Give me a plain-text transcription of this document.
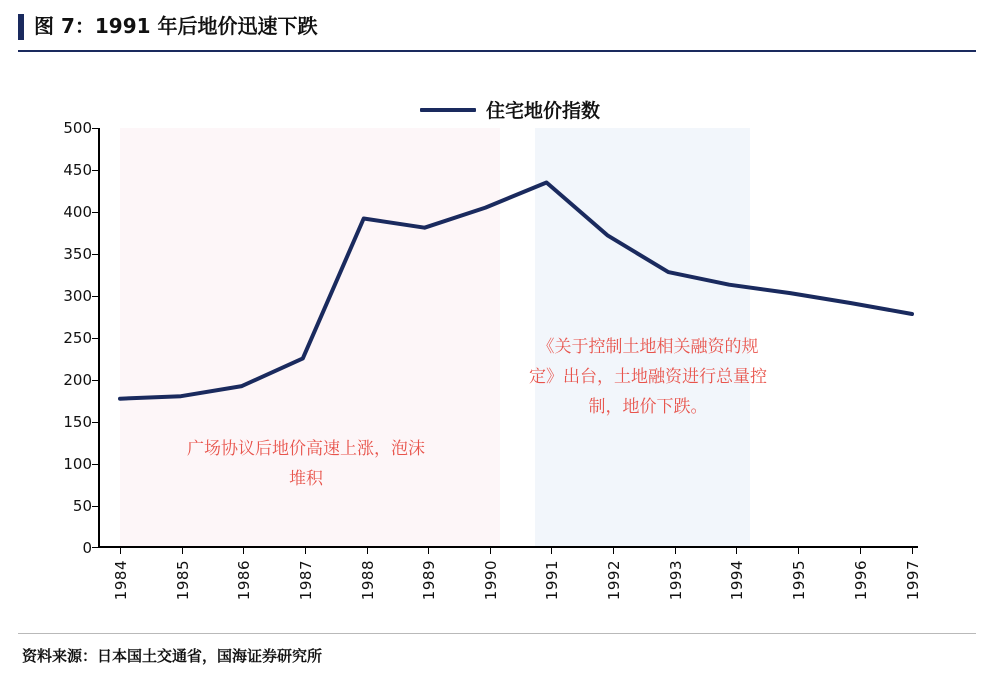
图 7：1991 年后地价迅速下跌
500
450
400
350
300
250
200
150
100
50
0
1984	1985	1986	1987	1988	1989	1990	1991	1992	1993	1994	1995	1996 1997
住宅地价指数
广场协议后地价高速上涨，泡沫堆积
《关于控制土地相关融资的规定》出台，土地融资进行总量控制，地价下跌。
资料来源：日本国土交通省，国海证券研究所
